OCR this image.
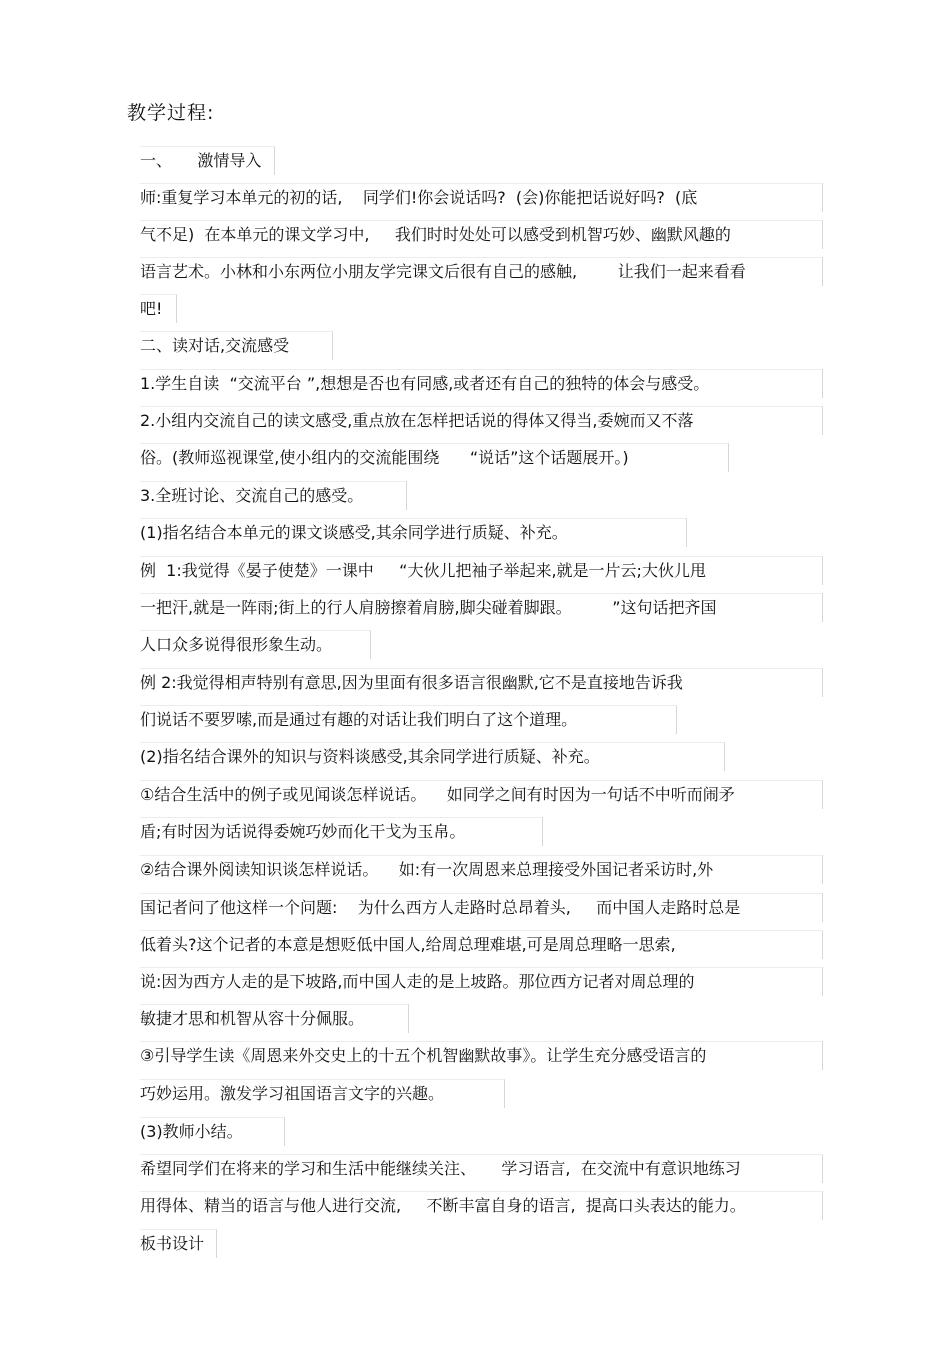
教学过程:
一、     激情导入
师:重复学习本单元的初的话,    同学们!你会说话吗?  (会)你能把话说好吗?  (底
气不足)  在本单元的课文学习中,     我们时时处处可以感受到机智巧妙、幽默风趣的
语言艺术。小林和小东两位小朋友学完课文后很有自己的感触,        让我们一起来看看
吧!
二、读对话,交流感受
1.学生自读  “交流平台 ”,想想是否也有同感,或者还有自己的独特的体会与感受。
2.小组内交流自己的读文感受,重点放在怎样把话说的得体又得当,委婉而又不落
俗。(教师巡视课堂,使小组内的交流能围绕      “说话”这个话题展开。)
3.全班讨论、交流自己的感受。
(1)指名结合本单元的课文谈感受,其余同学进行质疑、补充。
例  1:我觉得《晏子使楚》一课中     “大伙儿把袖子举起来,就是一片云;大伙儿甩
一把汗,就是一阵雨;街上的行人肩膀擦着肩膀,脚尖碰着脚跟。        ”这句话把齐国
人口众多说得很形象生动。
例 2:我觉得相声特别有意思,因为里面有很多语言很幽默,它不是直接地告诉我
们说话不要罗嗦,而是通过有趣的对话让我们明白了这个道理。
(2)指名结合课外的知识与资料谈感受,其余同学进行质疑、补充。
①结合生活中的例子或见闻谈怎样说话。    如同学之间有时因为一句话不中听而闹矛
盾;有时因为话说得委婉巧妙而化干戈为玉帛。
②结合课外阅读知识谈怎样说话。    如:有一次周恩来总理接受外国记者采访时,外
国记者问了他这样一个问题:    为什么西方人走路时总昂着头,     而中国人走路时总是
低着头?这个记者的本意是想贬低中国人,给周总理难堪,可是周总理略一思索,
说:因为西方人走的是下坡路,而中国人走的是上坡路。那位西方记者对周总理的
敏捷才思和机智从容十分佩服。
③引导学生读《周恩来外交史上的十五个机智幽默故事》。让学生充分感受语言的
巧妙运用。激发学习祖国语言文字的兴趣。
(3)教师小结。
希望同学们在将来的学习和生活中能继续关注、     学习语言,  在交流中有意识地练习
用得体、精当的语言与他人进行交流,     不断丰富自身的语言,  提高口头表达的能力。
板书设计
